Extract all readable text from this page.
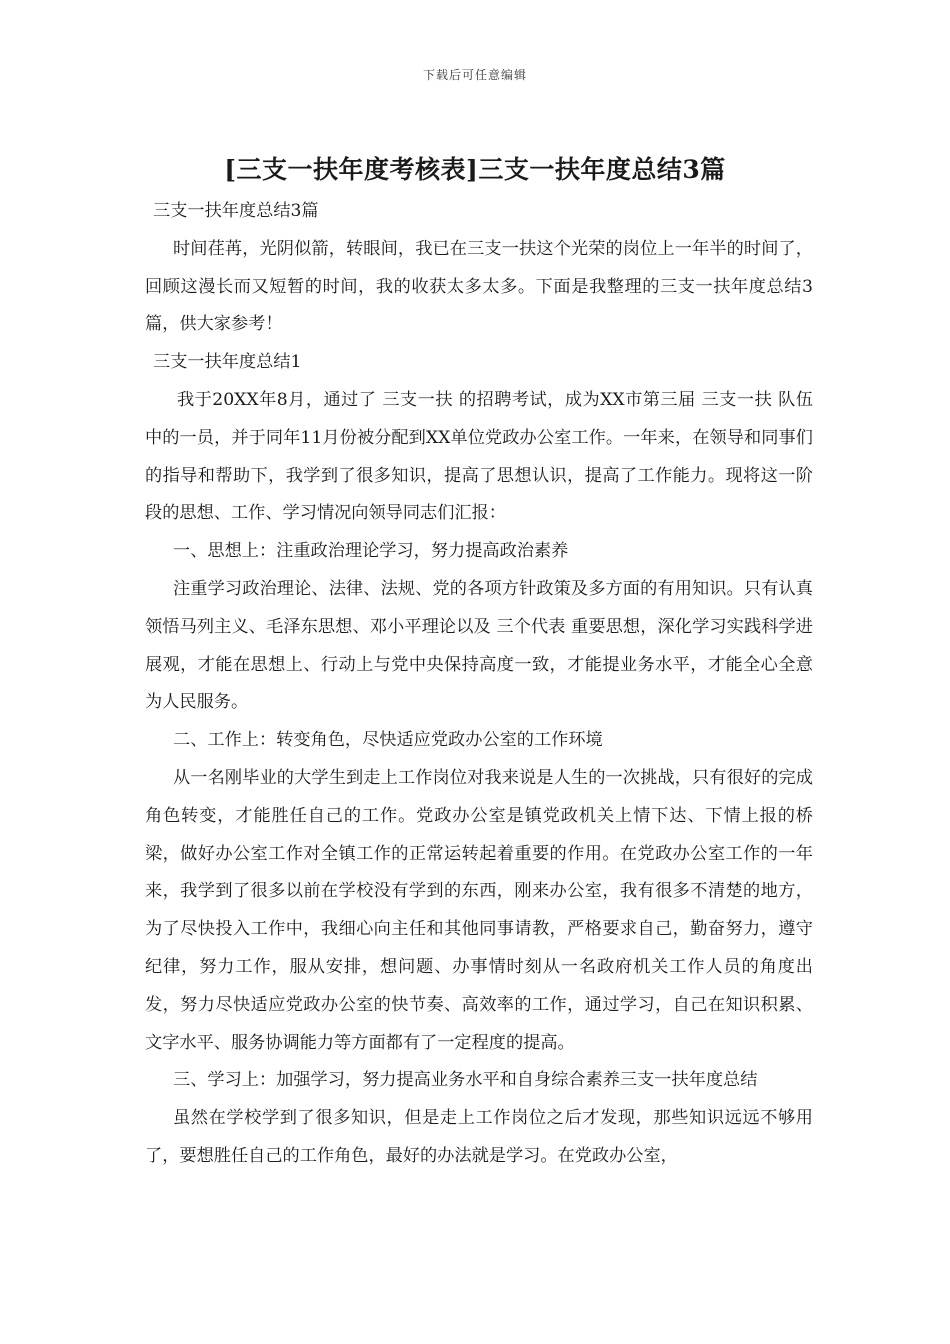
下载后可任意编辑
[三支一扶年度考核表]三支一扶年度总结3篇

三支一扶年度总结3篇

时间荏苒，光阴似箭，转眼间，我已在三支一扶这个光荣的岗位上一年半的时间了，回顾这漫长而又短暂的时间，我的收获太多太多。下面是我整理的三支一扶年度总结3篇，供大家参考！

三支一扶年度总结1

我于20XX年8月，通过了 三支一扶 的招聘考试，成为XX市第三届 三支一扶 队伍中的一员，并于同年11月份被分配到XX单位党政办公室工作。一年来，在领导和同事们的指导和帮助下，我学到了很多知识，提高了思想认识，提高了工作能力。现将这一阶段的思想、工作、学习情况向领导同志们汇报：

一、思想上：注重政治理论学习，努力提高政治素养

注重学习政治理论、法律、法规、党的各项方针政策及多方面的有用知识。只有认真领悟马列主义、毛泽东思想、邓小平理论以及 三个代表 重要思想，深化学习实践科学进展观，才能在思想上、行动上与党中央保持高度一致，才能提业务水平，才能全心全意为人民服务。

二、工作上：转变角色，尽快适应党政办公室的工作环境

从一名刚毕业的大学生到走上工作岗位对我来说是人生的一次挑战，只有很好的完成角色转变，才能胜任自己的工作。党政办公室是镇党政机关上情下达、下情上报的桥梁，做好办公室工作对全镇工作的正常运转起着重要的作用。在党政办公室工作的一年来，我学到了很多以前在学校没有学到的东西，刚来办公室，我有很多不清楚的地方，为了尽快投入工作中，我细心向主任和其他同事请教，严格要求自己，勤奋努力，遵守纪律，努力工作，服从安排，想问题、办事情时刻从一名政府机关工作人员的角度出发，努力尽快适应党政办公室的快节奏、高效率的工作，通过学习，自己在知识积累、文字水平、服务协调能力等方面都有了一定程度的提高。

三、学习上：加强学习，努力提高业务水平和自身综合素养三支一扶年度总结

虽然在学校学到了很多知识，但是走上工作岗位之后才发现，那些知识远远不够用了，要想胜任自己的工作角色，最好的办法就是学习。在党政办公室，
